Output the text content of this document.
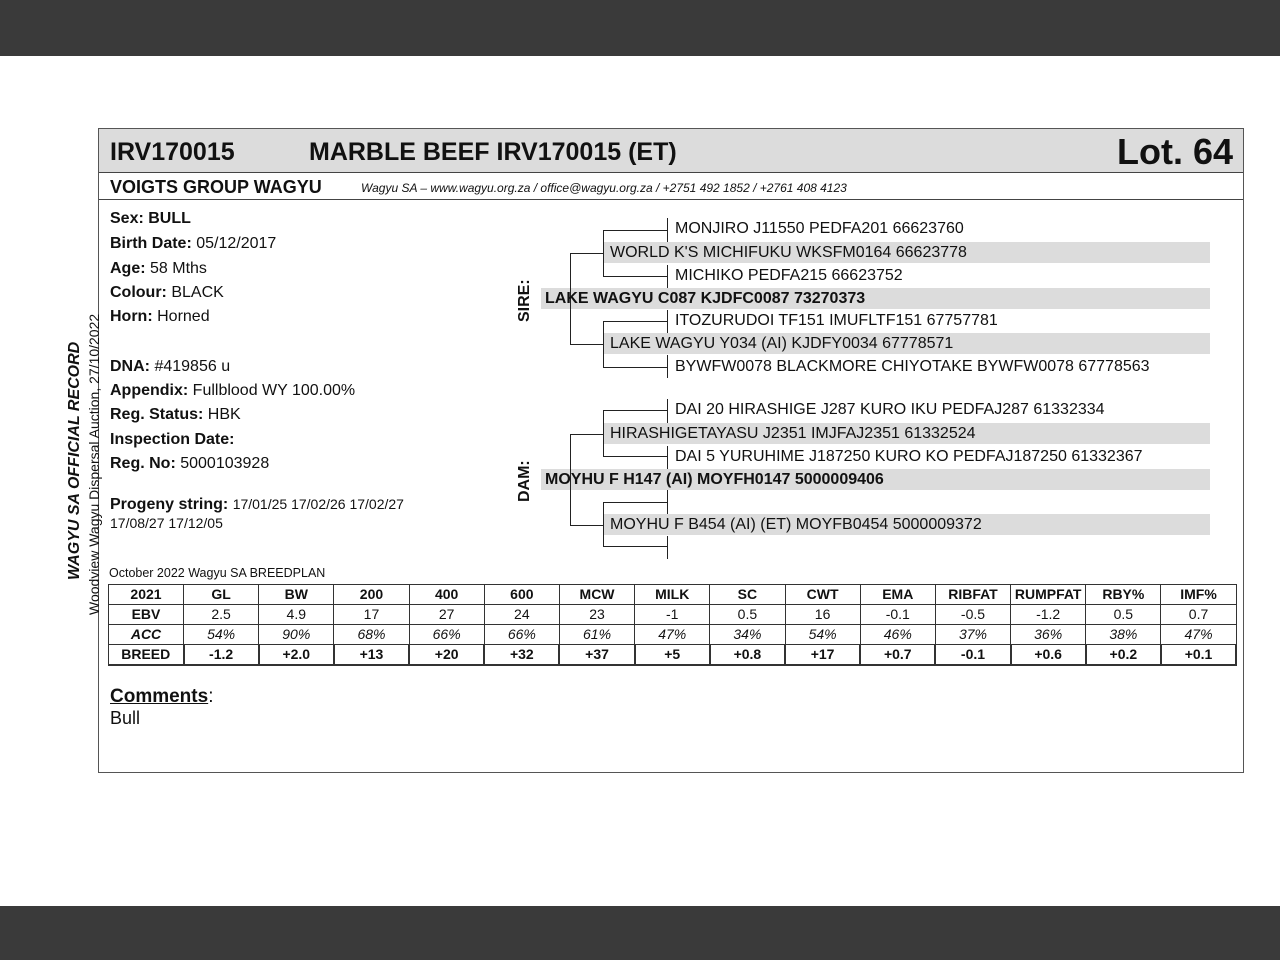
IRV170015	MARBLE BEEF IRV170015 (ET)	Lot. 64
VOIGTS GROUP WAGYU	Wagyu SA – www.wagyu.org.za / office@wagyu.org.za / +2751 492 1852 / +2761 408 4123
WAGYU SA OFFICIAL RECORD Woodview Wagyu Dispersal Auction, 27/10/2022
Sex: BULL
Birth Date: 05/12/2017
Age: 58 Mths
Colour: BLACK
Horn: Horned
DNA: #419856 u
Appendix: Fullblood WY 100.00%
Reg. Status: HBK
Inspection Date:
Reg. No: 5000103928
Progeny string: 17/01/25 17/02/26 17/02/27
17/08/27 17/12/05
SIRE:
DAM:
MONJIRO J11550 PEDFA201 66623760
WORLD K'S MICHIFUKU WKSFM0164 66623778
MICHIKO PEDFA215 66623752
LAKE WAGYU C087 KJDFC0087 73270373
ITOZURUDOI TF151 IMUFLTF151 67757781
LAKE WAGYU Y034 (AI) KJDFY0034 67778571
BYWFW0078 BLACKMORE CHIYOTAKE BYWFW0078 67778563
DAI 20 HIRASHIGE J287 KURO IKU PEDFAJ287 61332334
HIRASHIGETAYASU J2351 IMJFAJ2351 61332524
DAI 5 YURUHIME J187250 KURO KO PEDFAJ187250 61332367
MOYHU F H147 (AI) MOYFH0147 5000009406
MOYHU F B454 (AI) (ET) MOYFB0454 5000009372
October 2022 Wagyu SA BREEDPLAN
2021	GL	BW	200	400	600	MCW	MILK	SC	CWT	EMA	RIBFAT	RUMPFAT	RBY%	IMF%
EBV	2.5	4.9	17	27	24	23	-1	0.5	16	-0.1	-0.5	-1.2	0.5	0.7
ACC	54%	90%	68%	66%	66%	61%	47%	34%	54%	46%	37%	36%	38%	47%
BREED	-1.2	+2.0	+13	+20	+32	+37	+5	+0.8	+17	+0.7	-0.1	+0.6	+0.2	+0.1
Comments:
Bull
